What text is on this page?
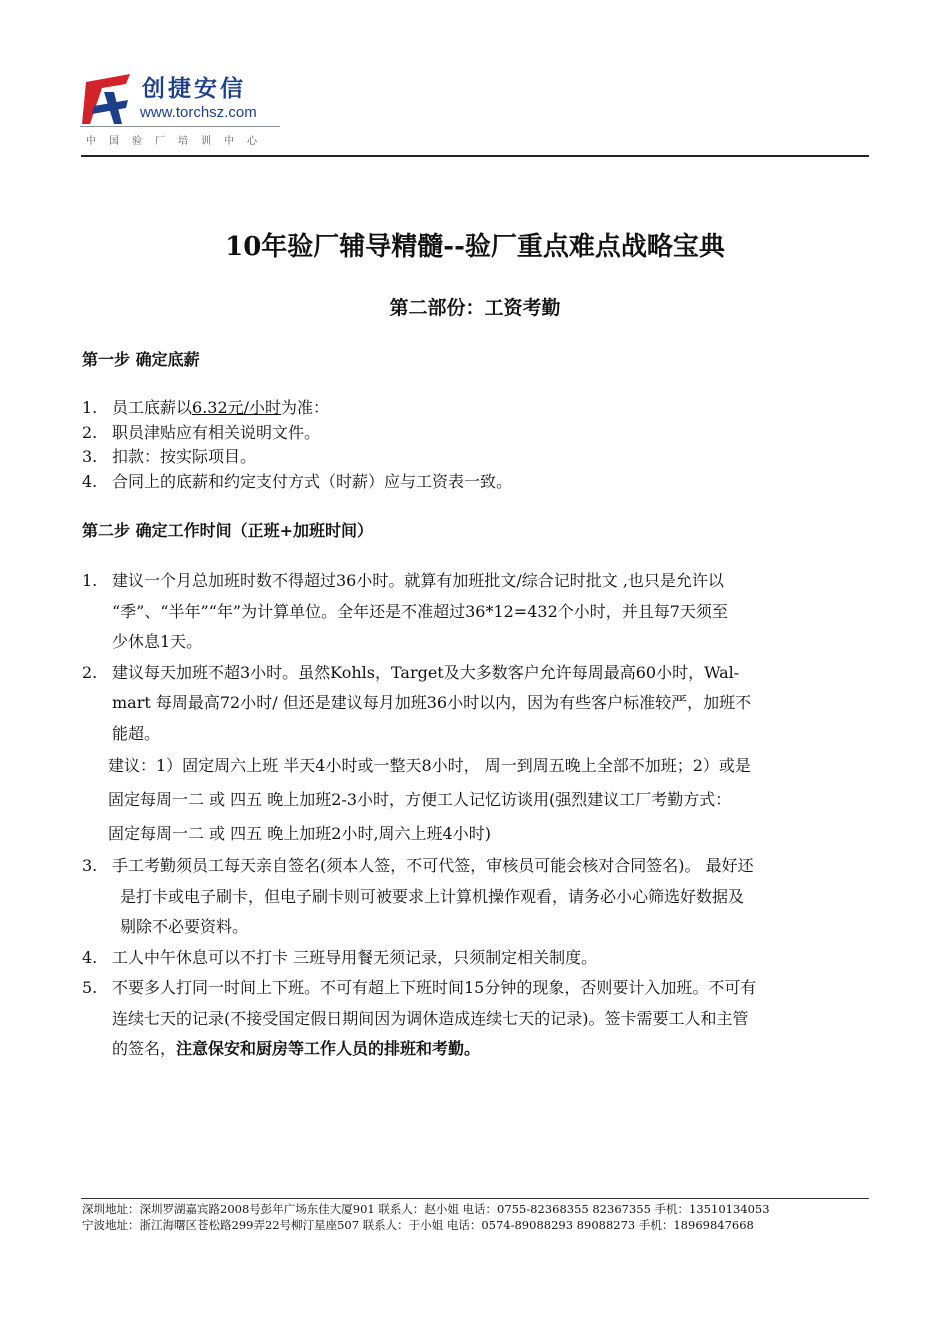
创捷安信
www.torchsz.com
中国验厂培训中心
10年验厂辅导精髓--验厂重点难点战略宝典
第二部份：工资考勤
第一步 确定底薪
1. 员工底薪以6.32元/小时为准：
2. 职员津贴应有相关说明文件。
3. 扣款：按实际项目。
4. 合同上的底薪和约定支付方式（时薪）应与工资表一致。
第二步 确定工作时间（正班+加班时间）
1. 建议一个月总加班时数不得超过36小时。就算有加班批文/综合记时批文 ,也只是允许以
“季”、“半年”“年”为计算单位。全年还是不准超过36*12=432个小时，并且每7天须至
少休息1天。
2. 建议每天加班不超3小时。虽然Kohls，Target及大多数客户允许每周最高60小时，Wal-
mart 每周最高72小时/ 但还是建议每月加班36小时以内，因为有些客户标准较严，加班不
能超。
建议：1）固定周六上班 半天4小时或一整天8小时， 周一到周五晚上全部不加班；2）或是
固定每周一二 或 四五 晚上加班2-3小时，方便工人记忆访谈用(强烈建议工厂考勤方式：
固定每周一二 或 四五 晚上加班2小时,周六上班4小时)
3. 手工考勤须员工每天亲自签名(须本人签，不可代签，审核员可能会核对合同签名)。 最好还
是打卡或电子刷卡，但电子刷卡则可被要求上计算机操作观看，请务必小心筛选好数据及
剔除不必要资料。
4. 工人中午休息可以不打卡 三班导用餐无须记录，只须制定相关制度。
5. 不要多人打同一时间上下班。不可有超上下班时间15分钟的现象，否则要计入加班。不可有
连续七天的记录(不接受国定假日期间因为调休造成连续七天的记录)。签卡需要工人和主管
的签名，注意保安和厨房等工作人员的排班和考勤。
深圳地址：深圳罗湖嘉宾路2008号彭年广场东佳大厦901 联系人：赵小姐 电话：0755-82368355 82367355 手机：13510134053
宁波地址：浙江海曙区苍松路299弄22号柳汀星座507 联系人：于小姐 电话：0574-89088293 89088273 手机：18969847668
